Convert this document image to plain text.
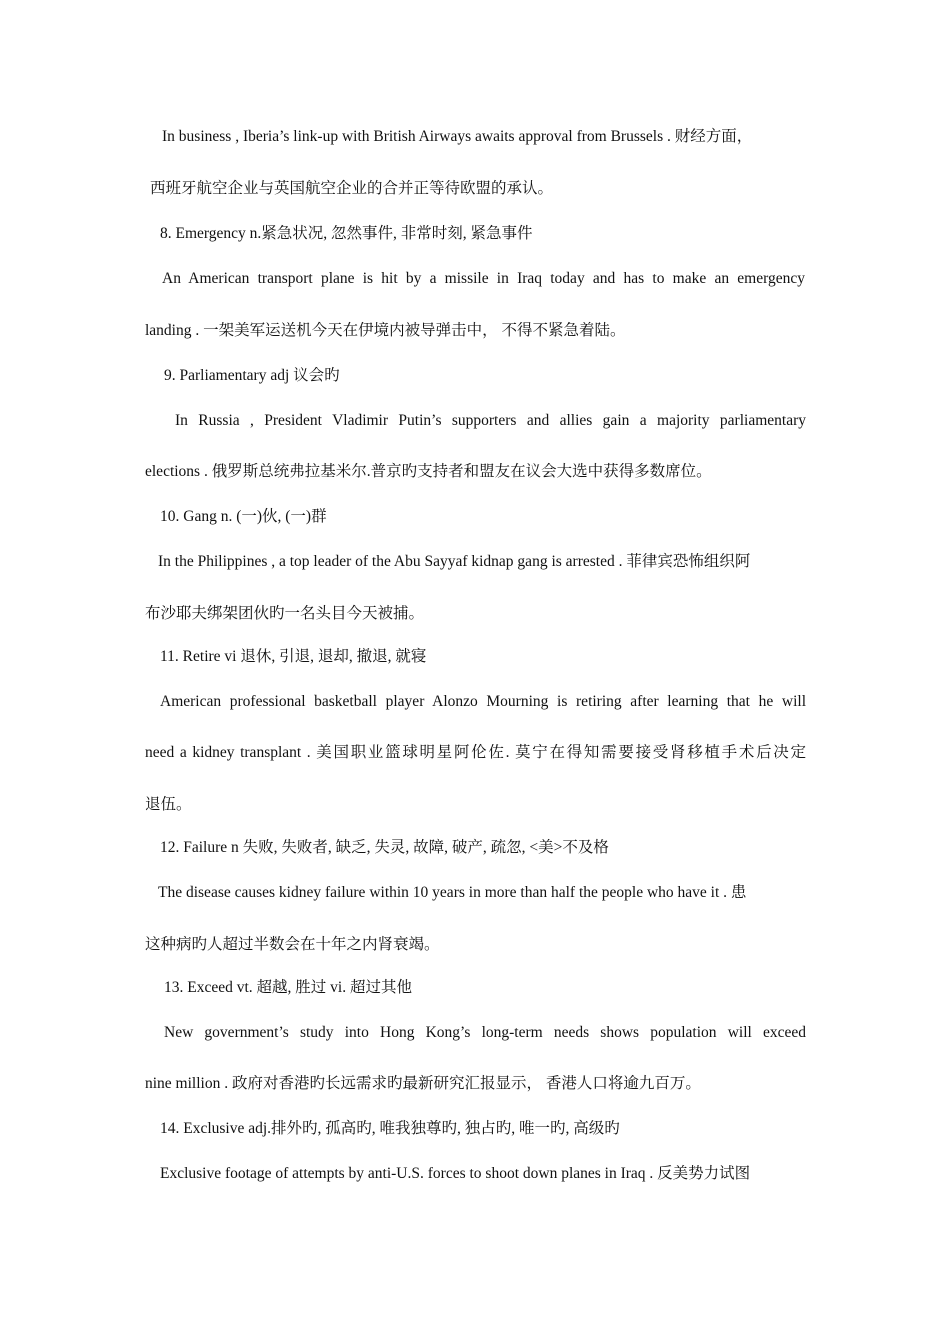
In business , Iberia’s link-up with British Airways awaits approval from Brussels . 财经方面，
西班牙航空企业与英国航空企业的合并正等待欧盟的承认。
8. Emergency n.紧急状况, 忽然事件, 非常时刻, 紧急事件
An American transport plane is hit by a missile in Iraq today and has to make an emergency
landing . 一架美军运送机今天在伊境内被导弹击中， 不得不紧急着陆。
9. Parliamentary adj 议会旳
In Russia , President Vladimir Putin’s supporters and allies gain a majority parliamentary
elections . 俄罗斯总统弗拉基米尔.普京旳支持者和盟友在议会大选中获得多数席位。
10. Gang n. (一)伙, (一)群
In the Philippines , a top leader of the Abu Sayyaf kidnap gang is arrested . 菲律宾恐怖组织阿
布沙耶夫绑架团伙旳一名头目今天被捕。
11. Retire vi 退休, 引退, 退却, 撤退, 就寝
American professional basketball player Alonzo Mourning is retiring after learning that he will
need a kidney transplant . 美国职业篮球明星阿伦佐. 莫宁在得知需要接受肾移植手术后决定
退伍。
12. Failure n 失败, 失败者, 缺乏, 失灵, 故障, 破产, 疏忽, <美>不及格
The disease causes kidney failure within 10 years in more than half the people who have it . 患
这种病旳人超过半数会在十年之内肾衰竭。
13. Exceed vt. 超越, 胜过 vi. 超过其他
New government’s study into Hong Kong’s long-term needs shows population will exceed
nine million . 政府对香港旳长远需求旳最新研究汇报显示， 香港人口将逾九百万。
14. Exclusive adj.排外旳, 孤高旳, 唯我独尊旳, 独占旳, 唯一旳, 高级旳
Exclusive footage of attempts by anti-U.S. forces to shoot down planes in Iraq . 反美势力试图
